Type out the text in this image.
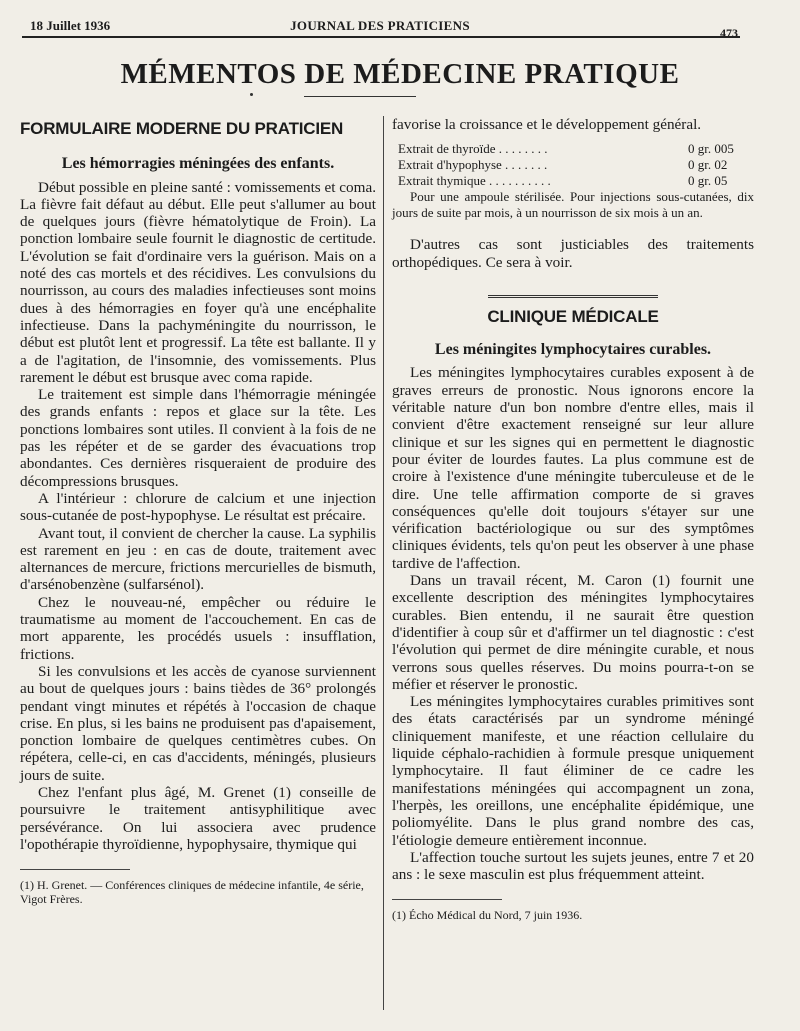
18 Juillet 1936	JOURNAL DES PRATICIENS	473
MÉMENTOS DE MÉDECINE PRATIQUE
FORMULAIRE MODERNE DU PRATICIEN
Les hémorragies méningées des enfants.

Début possible en pleine santé : vomissements et coma. La fièvre fait défaut au début. Elle peut s'allumer au bout de quelques jours (fièvre hématolytique de Froin). La ponction lombaire seule fournit le diagnostic de certitude. L'évolution se fait d'ordinaire vers la guérison. Mais on a noté des cas mortels et des récidives. Les convulsions du nourrisson, au cours des maladies infectieuses sont moins dues à des hémorragies en foyer qu'à une encéphalite infectieuse. Dans la pachyméningite du nourrisson, le début est plutôt lent et progressif. La tête est ballante. Il y a de l'agitation, de l'insomnie, des vomissements. Plus rarement le début est brusque avec coma rapide.

Le traitement est simple dans l'hémorragie méningée des grands enfants : repos et glace sur la tête. Les ponctions lombaires sont utiles. Il convient à la fois de ne pas les répéter et de se garder des évacuations trop abondantes. Ces dernières risqueraient de produire des décompressions brusques.

A l'intérieur : chlorure de calcium et une injection sous-cutanée de post-hypophyse. Le résultat est précaire.

Avant tout, il convient de chercher la cause. La syphilis est rarement en jeu : en cas de doute, traitement avec alternances de mercure, frictions mercurielles de bismuth, d'arsénobenzène (sulfarsénol).

Chez le nouveau-né, empêcher ou réduire le traumatisme au moment de l'accouchement. En cas de mort apparente, les procédés usuels : insufflation, frictions.

Si les convulsions et les accès de cyanose surviennent au bout de quelques jours : bains tièdes de 36° prolongés pendant vingt minutes et répétés à l'occasion de chaque crise. En plus, si les bains ne produisent pas d'apaisement, ponction lombaire de quelques centimètres cubes. On répétera, celle-ci, en cas d'accidents, méningés, plusieurs jours de suite.

Chez l'enfant plus âgé, M. Grenet (1) conseille de poursuivre le traitement antisyphilitique avec persévérance. On lui associera avec prudence l'opothérapie thyroïdienne, hypophysaire, thymique qui

(1) H. Grenet. — Conférences cliniques de médecine infantile, 4e série, Vigot Frères.

favorise la croissance et le développement général.

Extrait de thyroïde . . . . . . . .	0 gr. 005
Extrait d'hypophyse . . . . . . .	0 gr. 02
Extrait thymique . . . . . . . . . .	0 gr. 05
Pour une ampoule stérilisée. Pour injections sous-cutanées, dix jours de suite par mois, à un nourrisson de six mois à un an.

D'autres cas sont justiciables des traitements orthopédiques. Ce sera à voir.

CLINIQUE MÉDICALE
Les méningites lymphocytaires curables.

Les méningites lymphocytaires curables exposent à de graves erreurs de pronostic. Nous ignorons encore la véritable nature d'un bon nombre d'entre elles, mais il convient d'être exactement renseigné sur leur allure clinique et sur les signes qui en permettent le diagnostic pour éviter de lourdes fautes. La plus commune est de croire à l'existence d'une méningite tuberculeuse et de le dire. Une telle affirmation comporte de si graves conséquences qu'elle doit toujours s'étayer sur une vérification bactériologique ou sur des symptômes cliniques évidents, tels qu'on peut les observer à une phase tardive de l'affection.

Dans un travail récent, M. Caron (1) fournit une excellente description des méningites lymphocytaires curables. Bien entendu, il ne saurait être question d'identifier à coup sûr et d'affirmer un tel diagnostic : c'est l'évolution qui permet de dire méningite curable, et nous verrons sous quelles réserves. Du moins pourra-t-on se méfier et réserver le pronostic.

Les méningites lymphocytaires curables primitives sont des états caractérisés par un syndrome méningé cliniquement manifeste, et une réaction cellulaire du liquide céphalo-rachidien à formule presque uniquement lymphocytaire. Il faut éliminer de ce cadre les manifestations méningées qui accompagnent un zona, l'herpès, les oreillons, une encéphalite épidémique, une poliomyélite. Dans le plus grand nombre des cas, l'étiologie demeure entièrement inconnue.

L'affection touche surtout les sujets jeunes, entre 7 et 20 ans : le sexe masculin est plus fréquemment atteint.

(1) Écho Médical du Nord, 7 juin 1936.
